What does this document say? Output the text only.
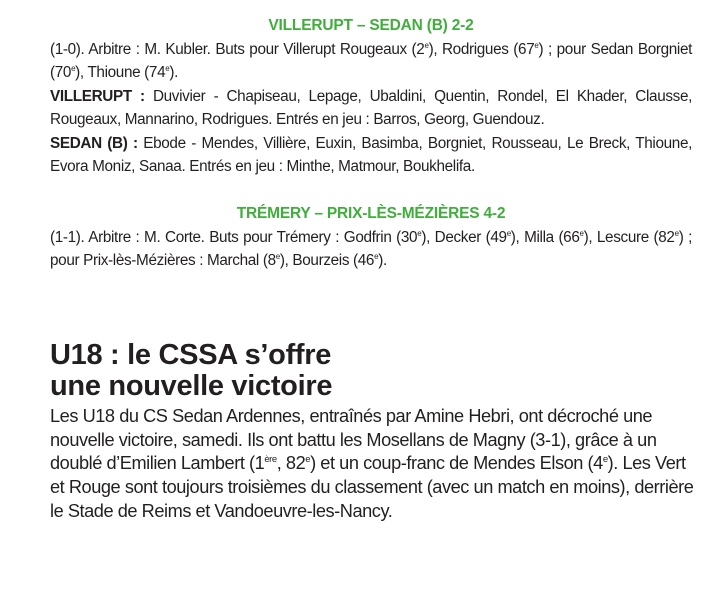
VILLERUPT – SEDAN (B) 2-2

(1-0). Arbitre : M. Kubler. Buts pour Villerupt Rougeaux (2e), Rodrigues (67e) ; pour Sedan Borgniet (70e), Thioune (74e).

VILLERUPT : Duvivier - Chapiseau, Lepage, Ubaldini, Quentin, Rondel, El Khader, Clausse, Rougeaux, Mannarino, Rodrigues. Entrés en jeu : Barros, Georg, Guendouz.

SEDAN (B) : Ebode - Mendes, Villière, Euxin, Basimba, Borgniet, Rousseau, Le Breck, Thioune, Evora Moniz, Sanaa. Entrés en jeu : Minthe, Matmour, Boukhelifa.

TRÉMERY – PRIX-LÈS-MÉZIÈRES 4-2

(1-1). Arbitre : M. Corte. Buts pour Trémery : Godfrin (30e), Decker (49e), Milla (66e), Lescure (82e) ; pour Prix-lès-Mézières : Marchal (8e), Bourzeis (46e).

U18 : le CSSA s’offre
une nouvelle victoire

Les U18 du CS Sedan Ardennes, entraînés par Amine Hebri, ont décroché une nouvelle victoire, samedi. Ils ont battu les Mosellans de Magny (3-1), grâce à un doublé d’Emilien Lambert (1ère, 82e) et un coup-franc de Mendes Elson (4e). Les Vert et Rouge sont toujours troisièmes du classement (avec un match en moins), derrière le Stade de Reims et Vandoeuvre-les-Nancy.
